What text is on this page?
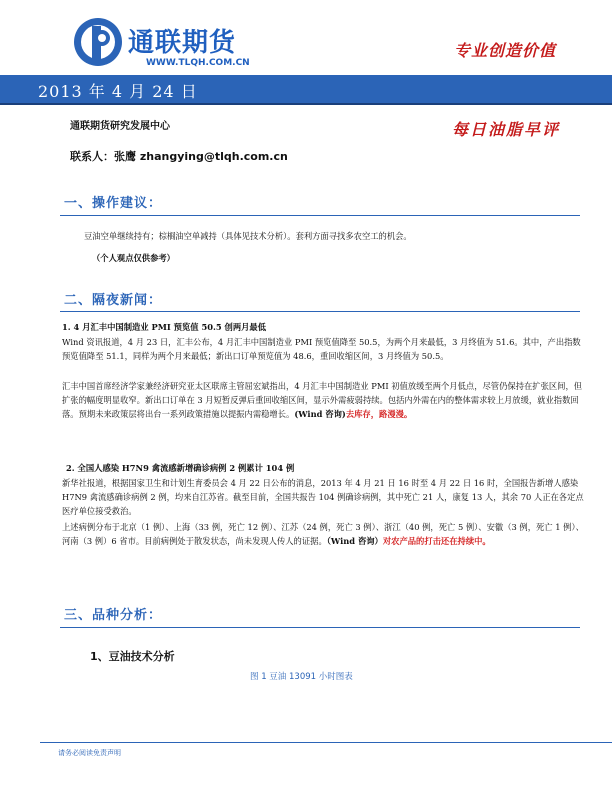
通联期货
WWW.TLQH.COM.CN
专业创造价值
2013 年 4 月 24 日
通联期货研究发展中心	每日油脂早评
联系人：张鹰 zhangying@tlqh.com.cn
一、操作建议：
豆油空单继续持有；棕榈油空单减持（具体见技术分析）。套利方面寻找多农空工的机会。
（个人观点仅供参考）
二、隔夜新闻：
1. 4 月汇丰中国制造业 PMI 预览值 50.5 创两月最低
Wind 资讯报道，4 月 23 日，汇丰公布，4 月汇丰中国制造业 PMI 预览值降至 50.5，为两个月来最低，3 月终值为 51.6。其中，产出指数预览值降至 51.1，同样为两个月来最低；新出口订单预览值为 48.6，重回收缩区间，3 月终值为 50.5。
汇丰中国首席经济学家兼经济研究亚太区联席主管屈宏斌指出，4 月汇丰中国制造业 PMI 初值放缓至两个月低点，尽管仍保持在扩张区间，但扩张的幅度明显收窄。新出口订单在 3 月短暂反弹后重回收缩区间，显示外需疲弱持续。包括内外需在内的整体需求较上月放缓，就业指数回落。预期未来政策层将出台一系列政策措施以提振内需稳增长。(Wind 咨询)去库存，路漫漫。
2. 全国人感染 H7N9 禽流感新增确诊病例 2 例累计 104 例
新华社报道，根据国家卫生和计划生育委员会 4 月 22 日公布的消息，2013 年 4 月 21 日 16 时至 4 月 22 日 16 时，全国报告新增人感染 H7N9 禽流感确诊病例 2 例，均来自江苏省。截至目前，全国共报告 104 例确诊病例，其中死亡 21 人，康复 13 人，其余 70 人正在各定点医疗单位接受救治。
上述病例分布于北京（1 例）、上海（33 例，死亡 12 例）、江苏（24 例，死亡 3 例）、浙江（40 例，死亡 5 例）、安徽（3 例，死亡 1 例）、河南（3 例）6 省市。目前病例处于散发状态，尚未发现人传人的证据。（Wind 咨询）对农产品的打击还在持续中。
三、品种分析：
1、豆油技术分析
图 1 豆油 13091 小时图表
请务必阅读免责声明
